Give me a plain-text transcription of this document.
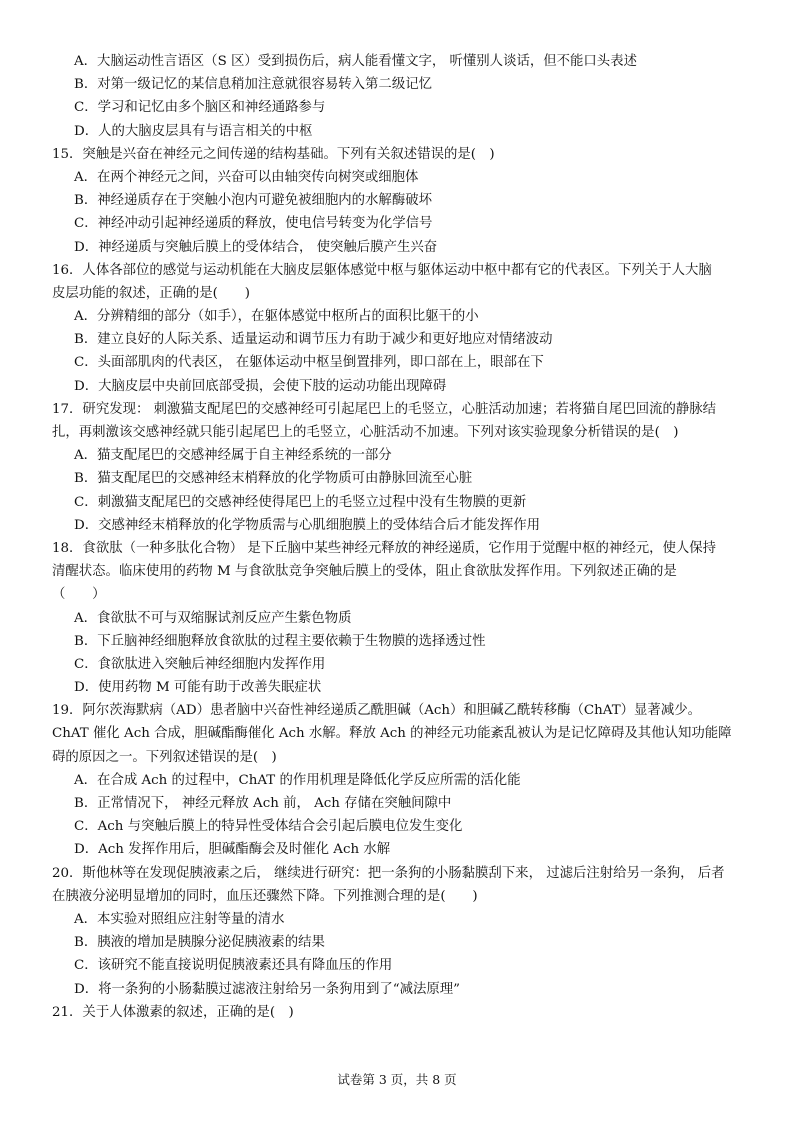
A．大脑运动性言语区（S 区）受到损伤后，病人能看懂文字， 听懂别人谈话，但不能口头表述
B．对第一级记忆的某信息稍加注意就很容易转入第二级记忆
C．学习和记忆由多个脑区和神经通路参与
D．人的大脑皮层具有与语言相关的中枢
15．突触是兴奋在神经元之间传递的结构基础。下列有关叙述错误的是(　)
A．在两个神经元之间，兴奋可以由轴突传向树突或细胞体
B．神经递质存在于突触小泡内可避免被细胞内的水解酶破坏
C．神经冲动引起神经递质的释放，使电信号转变为化学信号
D．神经递质与突触后膜上的受体结合， 使突触后膜产生兴奋
16．人体各部位的感觉与运动机能在大脑皮层躯体感觉中枢与躯体运动中枢中都有它的代表区。下列关于人大脑
皮层功能的叙述，正确的是(　　)
A．分辨精细的部分（如手），在躯体感觉中枢所占的面积比躯干的小
B．建立良好的人际关系、适量运动和调节压力有助于减少和更好地应对情绪波动
C．头面部肌肉的代表区， 在躯体运动中枢呈倒置排列，即口部在上，眼部在下
D．大脑皮层中央前回底部受损，会使下肢的运动功能出现障碍
17．研究发现： 刺激猫支配尾巴的交感神经可引起尾巴上的毛竖立，心脏活动加速；若将猫自尾巴回流的静脉结
扎，再刺激该交感神经就只能引起尾巴上的毛竖立，心脏活动不加速。下列对该实验现象分析错误的是(　)
A．猫支配尾巴的交感神经属于自主神经系统的一部分
B．猫支配尾巴的交感神经末梢释放的化学物质可由静脉回流至心脏
C．刺激猫支配尾巴的交感神经使得尾巴上的毛竖立过程中没有生物膜的更新
D．交感神经末梢释放的化学物质需与心肌细胞膜上的受体结合后才能发挥作用
18．食欲肽（一种多肽化合物） 是下丘脑中某些神经元释放的神经递质，它作用于觉醒中枢的神经元，使人保持
清醒状态。临床使用的药物 M 与食欲肽竞争突触后膜上的受体，阻止食欲肽发挥作用。下列叙述正确的是
（　　）
A．食欲肽不可与双缩脲试剂反应产生紫色物质
B．下丘脑神经细胞释放食欲肽的过程主要依赖于生物膜的选择透过性
C．食欲肽进入突触后神经细胞内发挥作用
D．使用药物 M 可能有助于改善失眠症状
19．阿尔茨海默病（AD）患者脑中兴奋性神经递质乙酰胆碱（Ach）和胆碱乙酰转移酶（ChAT）显著减少。
ChAT 催化 Ach 合成，胆碱酯酶催化 Ach 水解。释放 Ach 的神经元功能紊乱被认为是记忆障碍及其他认知功能障
碍的原因之一。下列叙述错误的是(　)
A．在合成 Ach 的过程中，ChAT 的作用机理是降低化学反应所需的活化能
B．正常情况下， 神经元释放 Ach 前， Ach 存储在突触间隙中
C．Ach 与突触后膜上的特异性受体结合会引起后膜电位发生变化
D．Ach 发挥作用后，胆碱酯酶会及时催化 Ach 水解
20．斯他林等在发现促胰液素之后， 继续进行研究：把一条狗的小肠黏膜刮下来， 过滤后注射给另一条狗， 后者
在胰液分泌明显增加的同时，血压还骤然下降。下列推测合理的是(　　)
A．本实验对照组应注射等量的清水
B．胰液的增加是胰腺分泌促胰液素的结果
C．该研究不能直接说明促胰液素还具有降血压的作用
D．将一条狗的小肠黏膜过滤液注射给另一条狗用到了“减法原理”
21．关于人体激素的叙述，正确的是(　)
试卷第 3 页，共 8 页
